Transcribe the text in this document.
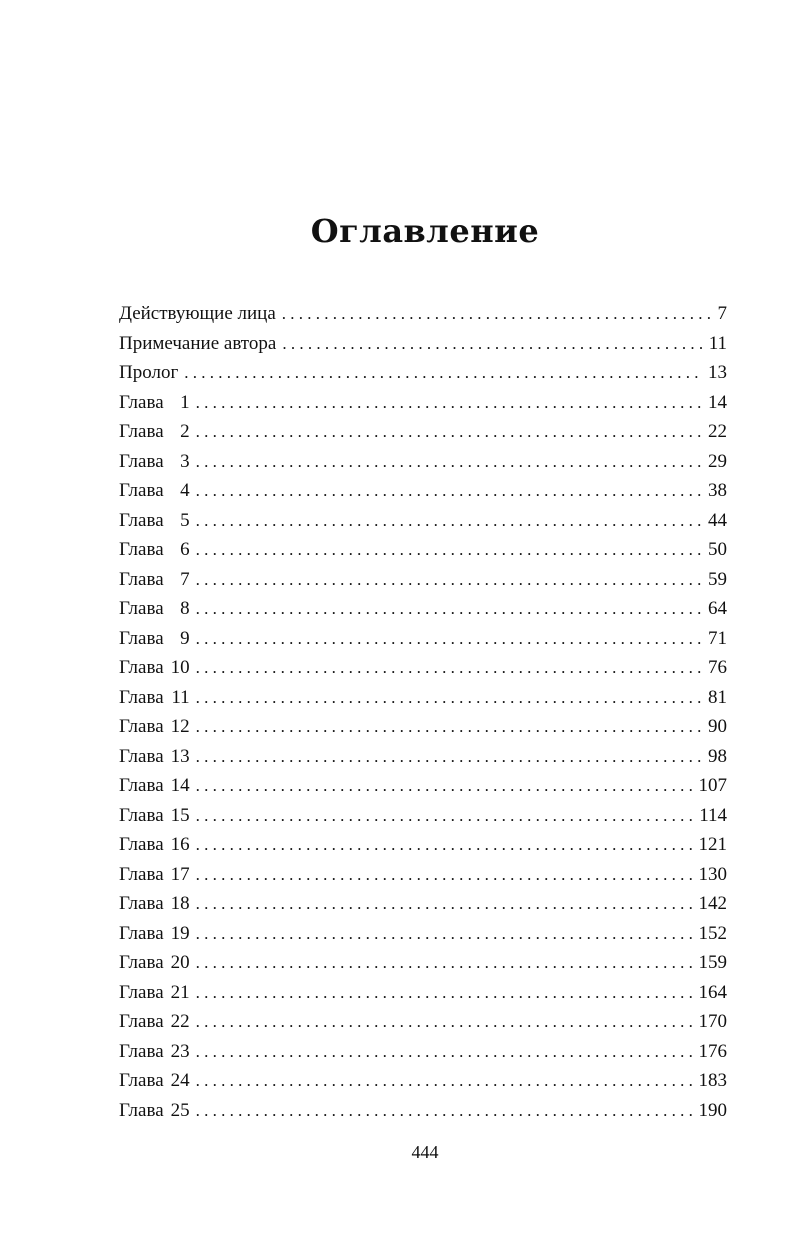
Оглавление
Действующие лица . . .	7
Примечание автора . . .	11
Пролог . . .	13
Глава 1 . . .	14
Глава 2 . . .	22
Глава 3 . . .	29
Глава 4 . . .	38
Глава 5 . . .	44
Глава 6 . . .	50
Глава 7 . . .	59
Глава 8 . . .	64
Глава 9 . . .	71
Глава 10 . . .	76
Глава 11 . . .	81
Глава 12 . . .	90
Глава 13 . . .	98
Глава 14 . . .	107
Глава 15 . . .	114
Глава 16 . . .	121
Глава 17 . . .	130
Глава 18 . . .	142
Глава 19 . . .	152
Глава 20 . . .	159
Глава 21 . . .	164
Глава 22 . . .	170
Глава 23 . . .	176
Глава 24 . . .	183
Глава 25 . . .	190
444
